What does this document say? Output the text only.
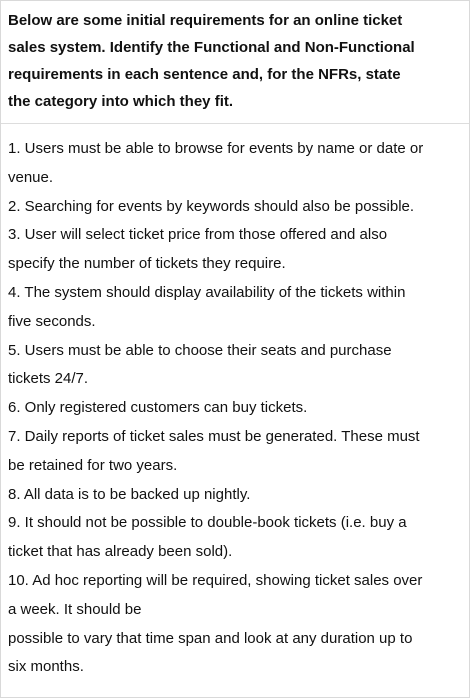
Below are some initial requirements for an online ticket
sales system. Identify the Functional and Non-Functional
requirements in each sentence and, for the NFRs, state
the category into which they fit.
1. Users must be able to browse for events by name or date or
venue.
2. Searching for events by keywords should also be possible.
3. User will select ticket price from those offered and also
specify the number of tickets they require.
4. The system should display availability of the tickets within
five seconds.
5. Users must be able to choose their seats and purchase
tickets 24/7.
6. Only registered customers can buy tickets.
7. Daily reports of ticket sales must be generated. These must
be retained for two years.
8. All data is to be backed up nightly.
9. It should not be possible to double-book tickets (i.e. buy a
ticket that has already been sold).
10. Ad hoc reporting will be required, showing ticket sales over
a week. It should be
possible to vary that time span and look at any duration up to
six months.
